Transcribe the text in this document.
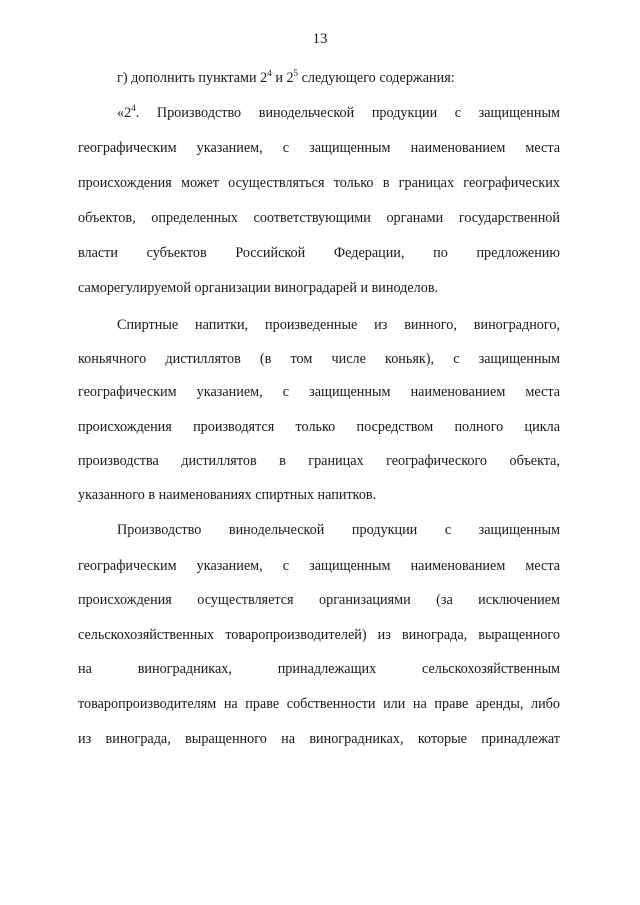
13
г) дополнить пунктами $2^4$ и $2^5$ следующего содержания:
«$2^4$. Производство винодельческой продукции с защищенным
географическим указанием, с защищенным наименованием места
происхождения может осуществляться только в границах географических
объектов, определенных соответствующими органами государственной
власти субъектов Российской Федерации, по предложению
саморегулируемой организации виноградарей и виноделов.
Спиртные напитки, произведенные из винного, виноградного,
коньячного дистиллятов (в том числе коньяк), с защищенным
географическим указанием, с защищенным наименованием места
происхождения производятся только посредством полного цикла
производства дистиллятов в границах географического объекта,
указанного в наименованиях спиртных напитков.
Производство винодельческой продукции с защищенным
географическим указанием, с защищенным наименованием места
происхождения осуществляется организациями (за исключением
сельскохозяйственных товаропроизводителей) из винограда, выращенного
на виноградниках, принадлежащих сельскохозяйственным
товаропроизводителям на праве собственности или на праве аренды, либо
из винограда, выращенного на виноградниках, которые принадлежат
